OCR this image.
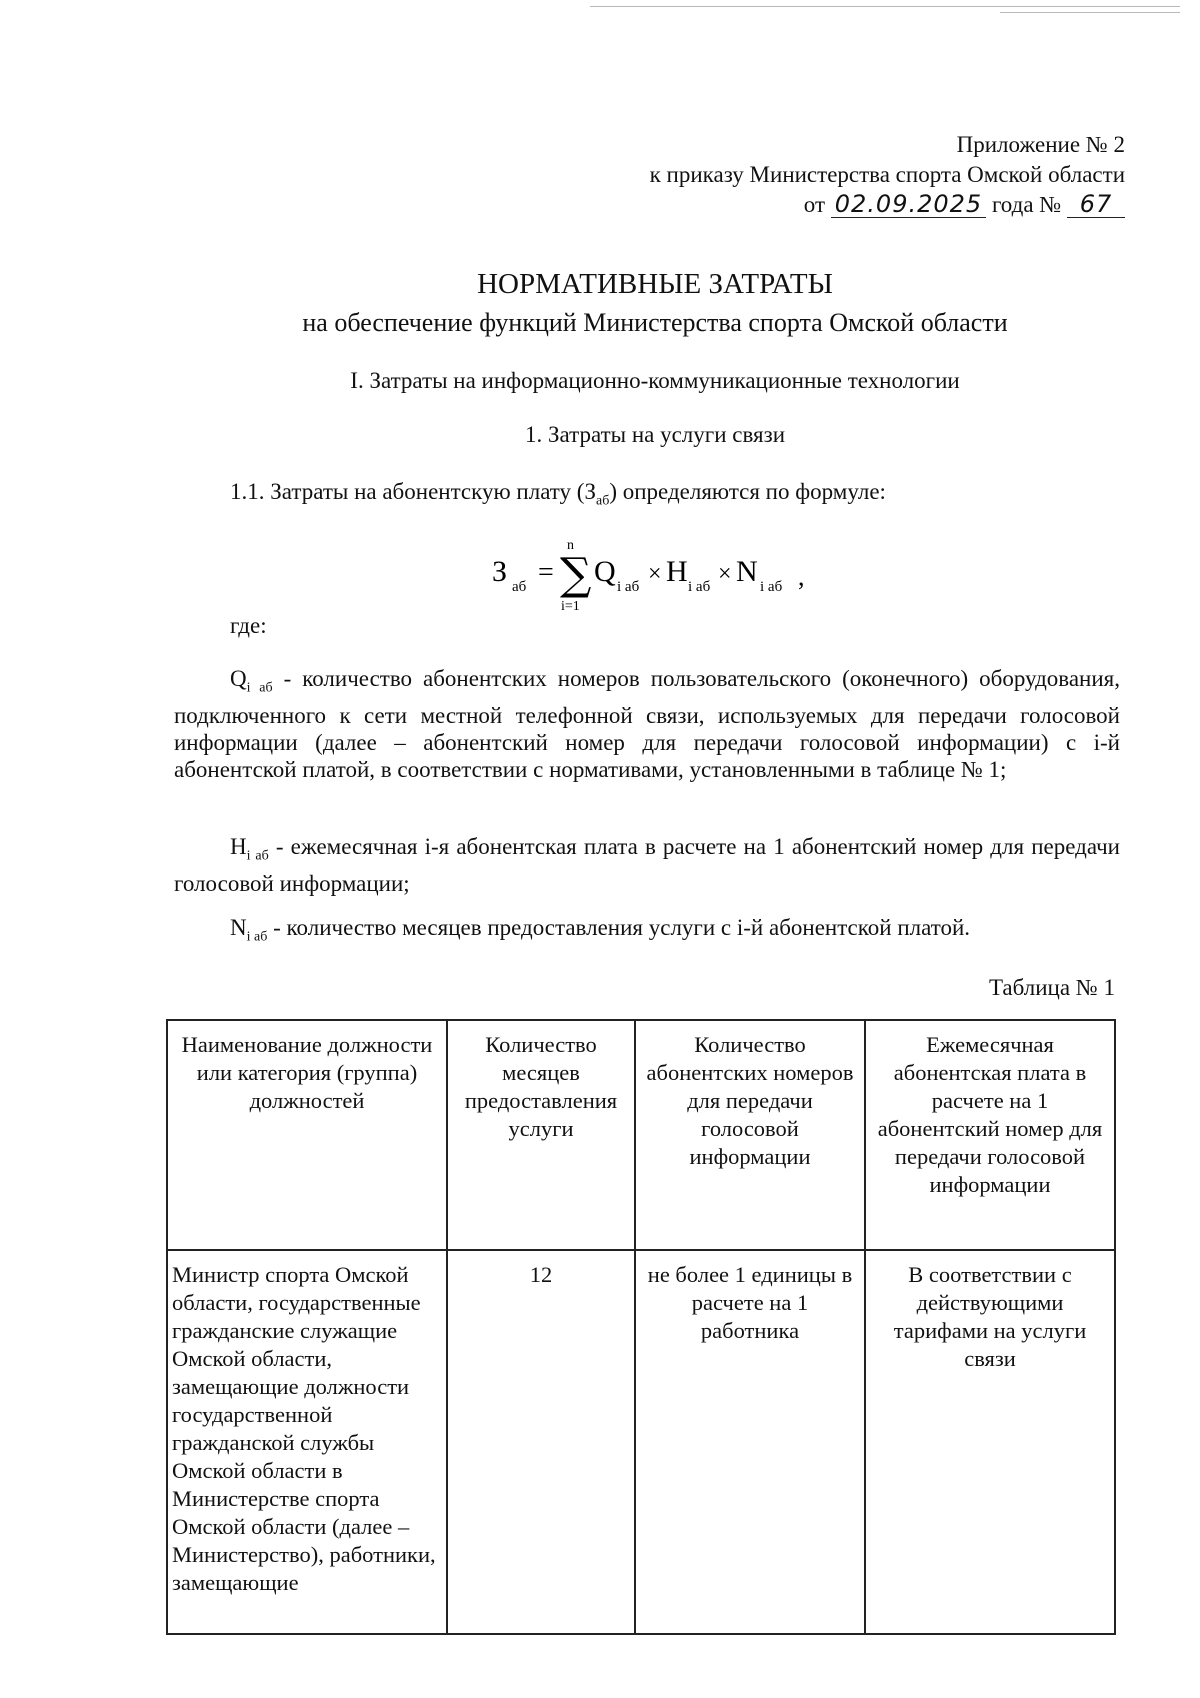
Приложение № 2
к приказу Министерства спорта Омской области
от 02.09.2025 года № 67
НОРМАТИВНЫЕ ЗАТРАТЫ
на обеспечение функций Министерства спорта Омской области
I. Затраты на информационно-коммуникационные технологии
1. Затраты на услуги связи
1.1. Затраты на абонентскую плату $(З_{аб})$ определяются по формуле:
З аб =
n
∑
i=1
Q i аб × H i аб × N i аб ,
где:
$Q_{i аб}$ - количество абонентских номеров пользовательского (оконечного) оборудования, подключенного к сети местной телефонной связи, используемых для передачи голосовой информации (далее – абонентский номер для передачи голосовой информации) с i-й абонентской платой, в соответствии с нормативами, установленными в таблице № 1;
$H_{i аб}$ - ежемесячная i-я абонентская плата в расчете на 1 абонентский номер для передачи голосовой информации;
$N_{i аб}$ - количество месяцев предоставления услуги с i-й абонентской платой.
Таблица № 1
Наименование должности или категория (группа) должностей	Количество месяцев предоставления услуги	Количество абонентских номеров для передачи голосовой информации	Ежемесячная абонентская плата в расчете на 1 абонентский номер для передачи голосовой информации
Министр спорта Омской области, государственные гражданские служащие Омской области, замещающие должности государственной гражданской службы Омской области в Министерстве спорта Омской области (далее – Министерство), работники, замещающие	12	не более 1 единицы в расчете на 1 работника	В соответствии с действующими тарифами на услуги связи
